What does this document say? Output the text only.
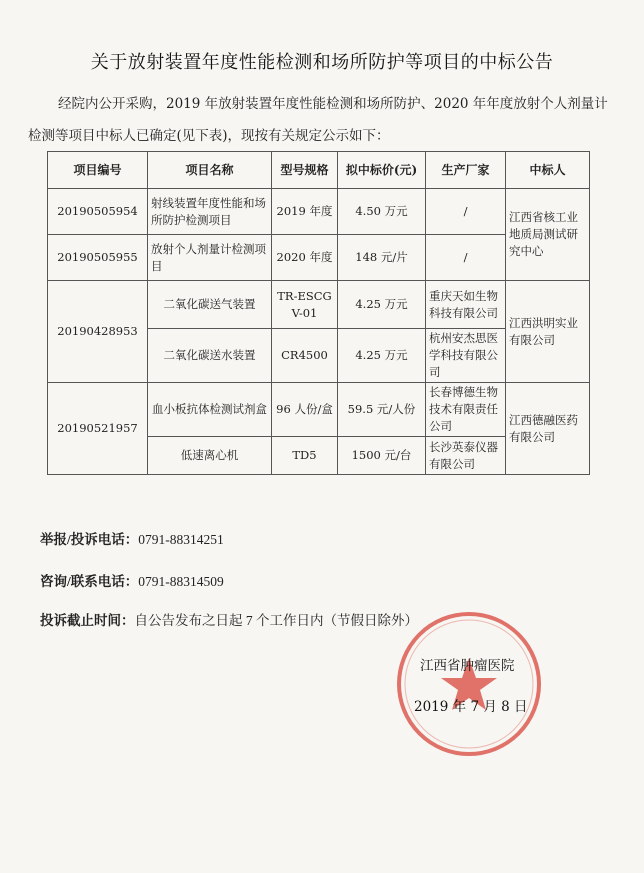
关于放射装置年度性能检测和场所防护等项目的中标公告
经院内公开采购，2019 年放射装置年度性能检测和场所防护、2020 年年度放射个人剂量计检测等项目中标人已确定(见下表)，现按有关规定公示如下：
项目编号	项目名称	型号规格	拟中标价(元)	生产厂家	中标人
20190505954	射线装置年度性能和场所防护检测项目	2019 年度	4.50 万元	/	江西省核工业地质局测试研究中心
20190505955	放射个人剂量计检测项目	2020 年度	148 元/片	/	
20190428953	二氧化碳送气装置	TR-ESCGV-01	4.25 万元	重庆天如生物科技有限公司	江西洪明实业有限公司
	二氧化碳送水装置	CR4500	4.25 万元	杭州安杰思医学科技有限公司	
20190521957	血小板抗体检测试剂盒	96 人份/盒	59.5 元/人份	长春博德生物技术有限责任公司	江西德融医药有限公司
	低速离心机	TD5	1500 元/台	长沙英泰仪器有限公司	
举报/投诉电话：0791-88314251
咨询/联系电话：0791-88314509
投诉截止时间：自公告发布之日起 7 个工作日内（节假日除外）
江西省肿瘤医院
2019 年 7 月 8 日
